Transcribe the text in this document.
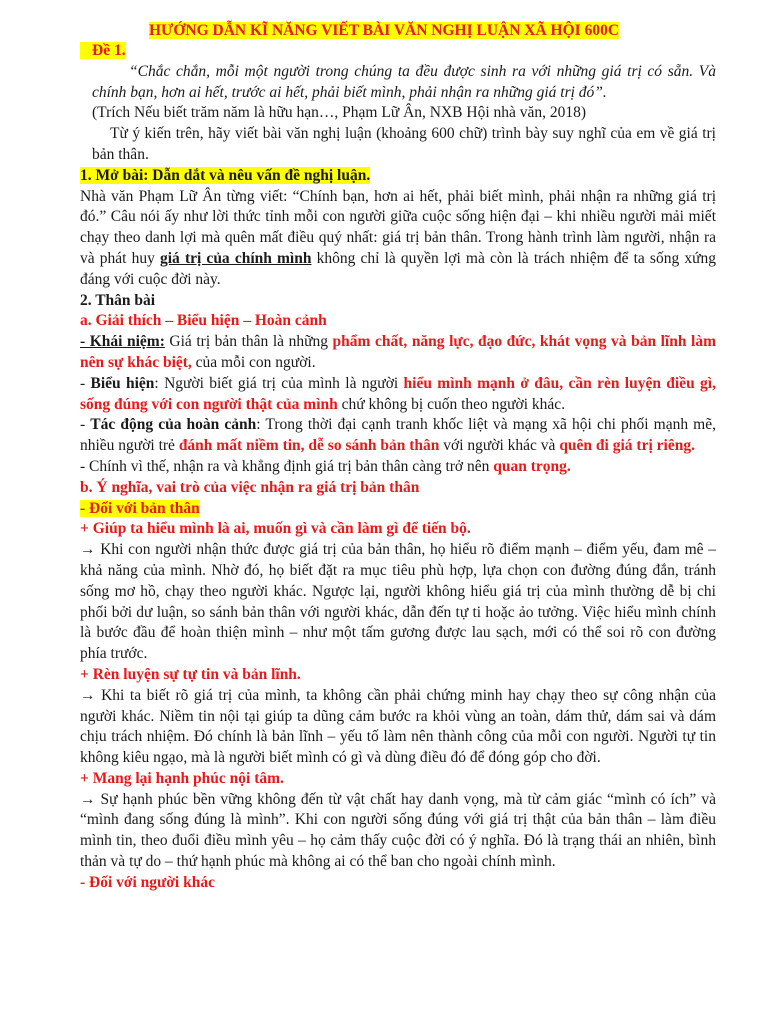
HƯỚNG DẪN KĨ NĂNG VIẾT BÀI VĂN NGHỊ LUẬN XÃ HỘI 600C

Đề 1.

“Chắc chắn, mỗi một người trong chúng ta đều được sinh ra với những giá trị có sẵn. Và chính bạn, hơn ai hết, trước ai hết, phải biết mình, phải nhận ra những giá trị đó”.

(Trích Nếu biết trăm năm là hữu hạn…, Phạm Lữ Ân, NXB Hội nhà văn, 2018)

Từ ý kiến trên, hãy viết bài văn nghị luận (khoảng 600 chữ) trình bày suy nghĩ của em về giá trị bản thân.

1. Mở bài: Dẫn dắt và nêu vấn đề nghị luận.

Nhà văn Phạm Lữ Ân từng viết: “Chính bạn, hơn ai hết, phải biết mình, phải nhận ra những giá trị đó.” Câu nói ấy như lời thức tỉnh mỗi con người giữa cuộc sống hiện đại – khi nhiều người mải miết chạy theo danh lợi mà quên mất điều quý nhất: giá trị bản thân. Trong hành trình làm người, nhận ra và phát huy giá trị của chính mình không chỉ là quyền lợi mà còn là trách nhiệm để ta sống xứng đáng với cuộc đời này.

2. Thân bài

a. Giải thích – Biểu hiện – Hoàn cảnh

- Khái niệm: Giá trị bản thân là những phẩm chất, năng lực, đạo đức, khát vọng và bản lĩnh làm nên sự khác biệt, của mỗi con người.

- Biểu hiện: Người biết giá trị của mình là người hiểu mình mạnh ở đâu, cần rèn luyện điều gì, sống đúng với con người thật của mình chứ không bị cuốn theo người khác.

- Tác động của hoàn cảnh: Trong thời đại cạnh tranh khốc liệt và mạng xã hội chi phối mạnh mẽ, nhiều người trẻ đánh mất niềm tin, dễ so sánh bản thân với người khác và quên đi giá trị riêng.

- Chính vì thế, nhận ra và khẳng định giá trị bản thân càng trở nên quan trọng.

b. Ý nghĩa, vai trò của việc nhận ra giá trị bản thân

- Đối với bản thân

+ Giúp ta hiểu mình là ai, muốn gì và cần làm gì để tiến bộ.

→ Khi con người nhận thức được giá trị của bản thân, họ hiểu rõ điểm mạnh – điểm yếu, đam mê – khả năng của mình. Nhờ đó, họ biết đặt ra mục tiêu phù hợp, lựa chọn con đường đúng đắn, tránh sống mơ hồ, chạy theo người khác. Ngược lại, người không hiểu giá trị của mình thường dễ bị chi phối bởi dư luận, so sánh bản thân với người khác, dẫn đến tự ti hoặc ảo tưởng. Việc hiểu mình chính là bước đầu để hoàn thiện mình – như một tấm gương được lau sạch, mới có thể soi rõ con đường phía trước.

+ Rèn luyện sự tự tin và bản lĩnh.

→ Khi ta biết rõ giá trị của mình, ta không cần phải chứng minh hay chạy theo sự công nhận của người khác. Niềm tin nội tại giúp ta dũng cảm bước ra khỏi vùng an toàn, dám thử, dám sai và dám chịu trách nhiệm. Đó chính là bản lĩnh – yếu tố làm nên thành công của mỗi con người. Người tự tin không kiêu ngạo, mà là người biết mình có gì và dùng điều đó để đóng góp cho đời.

+ Mang lại hạnh phúc nội tâm.

→ Sự hạnh phúc bền vững không đến từ vật chất hay danh vọng, mà từ cảm giác “mình có ích” và “mình đang sống đúng là mình”. Khi con người sống đúng với giá trị thật của bản thân – làm điều mình tin, theo đuổi điều mình yêu – họ cảm thấy cuộc đời có ý nghĩa. Đó là trạng thái an nhiên, bình thản và tự do – thứ hạnh phúc mà không ai có thể ban cho ngoài chính mình.

- Đối với người khác
